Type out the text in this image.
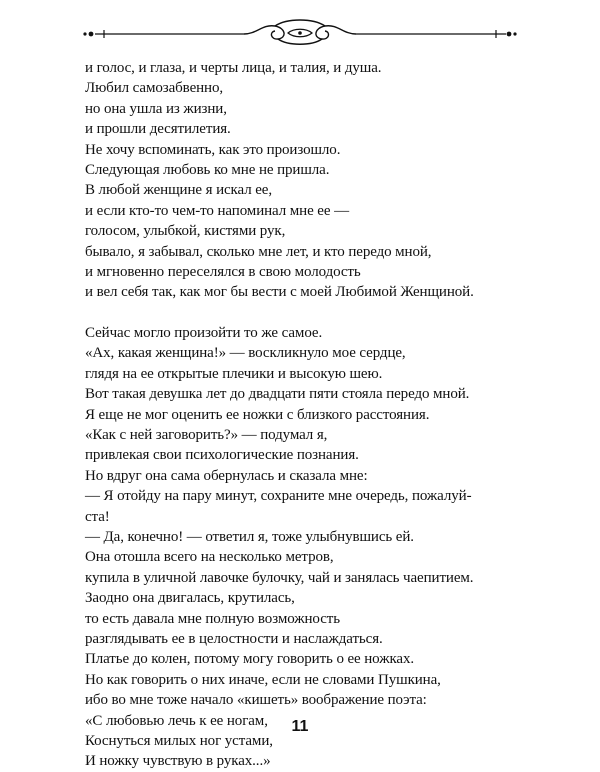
и голос, и глаза, и черты лица, и талия, и душа.
Любил самозабвенно,
но она ушла из жизни,
и прошли десятилетия.
Не хочу вспоминать, как это произошло.
Следующая любовь ко мне не пришла.
В любой женщине я искал ее,
и если кто-то чем-то напоминал мне ее —
голосом, улыбкой, кистями рук,
бывало, я забывал, сколько мне лет, и кто передо мной,
и мгновенно переселялся в свою молодость
и вел себя так, как мог бы вести с моей Любимой Женщиной.
Сейчас могло произойти то же самое.
«Ах, какая женщина!» — воскликнуло мое сердце,
глядя на ее открытые плечики и высокую шею.
Вот такая девушка лет до двадцати пяти стояла передо мной.
Я еще не мог оценить ее ножки с близкого расстояния.
«Как с ней заговорить?» — подумал я,
привлекая свои психологические познания.
Но вдруг она сама обернулась и сказала мне:
— Я отойду на пару минут, сохраните мне очередь, пожалуй-
ста!
— Да, конечно! — ответил я, тоже улыбнувшись ей.
Она отошла всего на несколько метров,
купила в уличной лавочке булочку, чай и занялась чаепитием.
Заодно она двигалась, крутилась,
то есть давала мне полную возможность
разглядывать ее в целостности и наслаждаться.
Платье до колен, потому могу говорить о ее ножках.
Но как говорить о них иначе, если не словами Пушкина,
ибо во мне тоже начало «кишеть» воображение поэта:
«С любовью лечь к ее ногам,
Коснуться милых ног устами,
И ножку чувствую в руках...»
11
